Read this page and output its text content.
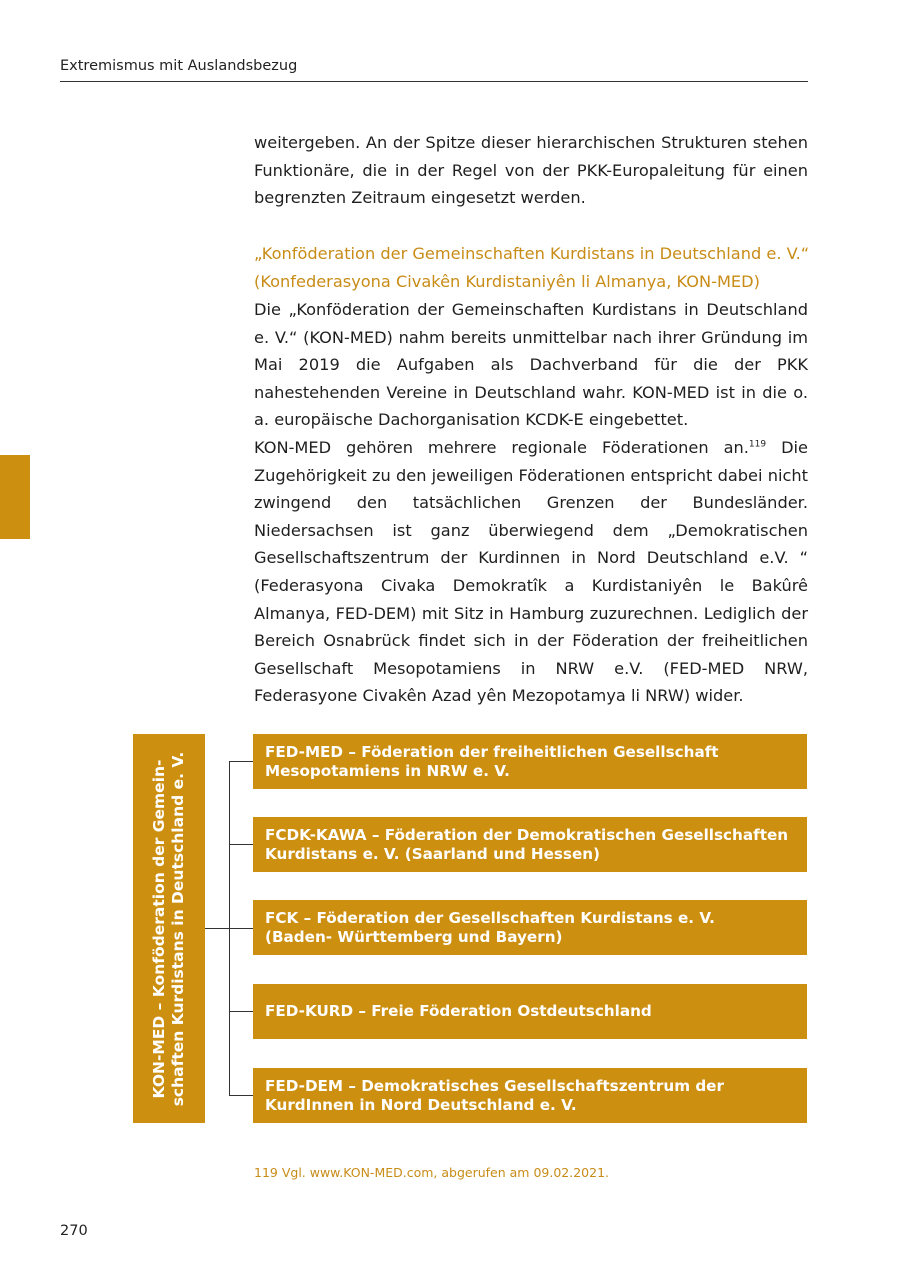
Extremismus mit Auslandsbezug

weitergeben. An der Spitze dieser hierarchischen Strukturen stehen Funktionäre, die in der Regel von der PKK-Europaleitung für einen begrenzten Zeitraum eingesetzt werden.

„Konföderation der Gemeinschaften Kurdistans in Deutschland e. V.“
(Konfederasyona Civakên Kurdistaniyên li Almanya, KON-MED)

Die „Konföderation der Gemeinschaften Kurdistans in Deutschland e. V.“ (KON-MED) nahm bereits unmittelbar nach ihrer Gründung im Mai 2019 die Aufgaben als Dachverband für die der PKK nahestehenden Vereine in Deutschland wahr. KON-MED ist in die o. a. europäische Dachorganisation KCDK-E eingebettet.

KON-MED gehören mehrere regionale Föderationen an.$^{119}$ Die Zugehörigkeit zu den jeweiligen Föderationen entspricht dabei nicht zwingend den tatsächlichen Grenzen der Bundesländer. Niedersachsen ist ganz überwiegend dem „Demokratischen Gesellschaftszentrum der Kurdinnen in Nord Deutschland e.V. “ (Federasyona Civaka Demokratîk a Kurdistaniyên le Bakûrê Almanya, FED-DEM) mit Sitz in Hamburg zuzurechnen. Lediglich der Bereich Osnabrück findet sich in der Föderation der freiheitlichen Gesellschaft Mesopotamiens in NRW e.V. (FED-MED NRW, Federasyone Civakên Azad yên Mezopotamya li NRW) wider.

KON-MED – Konföderation der Gemein- schaften Kurdistans in Deutschland e. V.	FED-MED – Föderation der freiheitlichen Gesellschaft
Mesopotamiens in NRW e. V.
FCDK-KAWA – Föderation der Demokratischen Gesellschaften
Kurdistans e. V. (Saarland und Hessen)
FCK – Föderation der Gesellschaften Kurdistans e. V.
(Baden- Württemberg und Bayern)
FED-KURD – Freie Föderation Ostdeutschland
FED-DEM – Demokratisches Gesellschaftszentrum der
KurdInnen in Nord Deutschland e. V.
119 Vgl. www.KON-MED.com, abgerufen am 09.02.2021.
270
